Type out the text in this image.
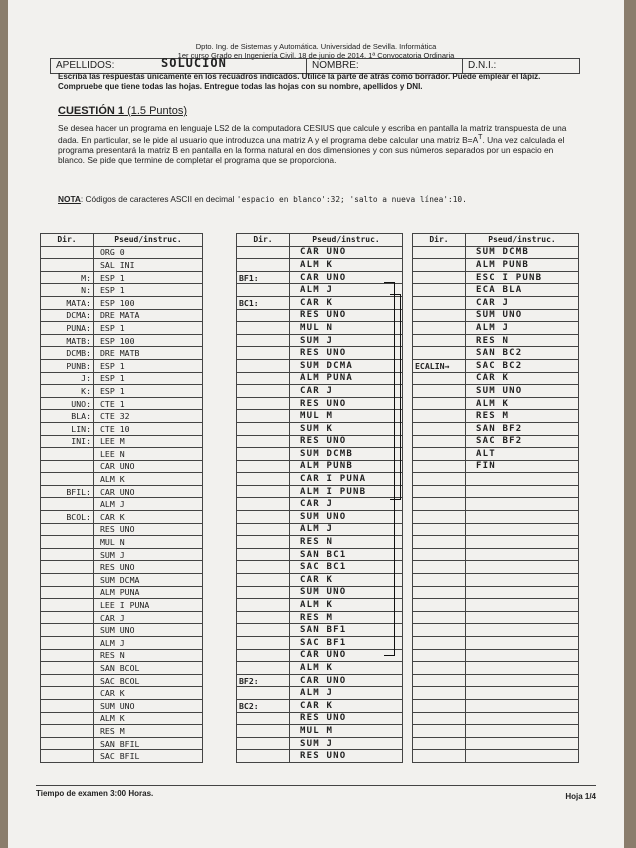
Dpto. Ing. de Sistemas y Automática. Universidad de Sevilla. Informática
1er curso Grado en Ingeniería Civil. 18 de junio de 2014. 1ª Convocatoria Ordinaria
APELLIDOS:	SOLUCION	NOMBRE:	D.N.I.:
Escriba las respuestas únicamente en los recuadros indicados. Utilice la parte de atrás como borrador. Puede emplear el lápiz. Compruebe que tiene todas las hojas. Entregue todas las hojas con su nombre, apellidos y DNI.
CUESTIÓN 1 (1.5 Puntos)
Se desea hacer un programa en lenguaje LS2 de la computadora CESIUS que calcule y escriba en pantalla la matriz transpuesta de una dada. En particular, se le pide al usuario que introduzca una matriz A y el programa debe calcular una matriz $B=A^T$. Una vez calculada el programa presentará la matriz B en pantalla en la forma natural en dos dimensiones y con sus números separados por un espacio en blanco. Se pide que termine de completar el programa que se proporciona.
NOTA: Códigos de caracteres ASCII en decimal 'espacio en blanco':32; 'salto a nueva línea':10.
Dir.	Pseud/instruc.
	ORG 0
	SAL INI
M:	ESP 1
N:	ESP 1
MATA:	ESP 100
DCMA:	DRE MATA
PUNA:	ESP 1
MATB:	ESP 100
DCMB:	DRE MATB
PUNB:	ESP 1
J:	ESP 1
K:	ESP 1
UNO:	CTE 1
BLA:	CTE 32
LIN:	CTE 10
INI:	LEE M
	LEE N
	CAR UNO
	ALM K
BFIL:	CAR UNO
	ALM J
BCOL:	CAR K
	RES UNO
	MUL N
	SUM J
	RES UNO
	SUM DCMA
	ALM PUNA
	LEE I PUNA
	CAR J
	SUM UNO
	ALM J
	RES N
	SAN BCOL
	SAC BCOL
	CAR K
	SUM UNO
	ALM K
	RES M
	SAN BFIL
	SAC BFIL
Dir.	Pseud/instruc.
	CAR UNO
	ALM K
BF1:	CAR UNO
	ALM J
BC1:	CAR K
	RES UNO
	MUL N
	SUM J
	RES UNO
	SUM DCMA
	ALM PUNA
	CAR J
	RES UNO
	MUL M
	SUM K
	RES UNO
	SUM DCMB
	ALM PUNB
	CAR I PUNA
	ALM I PUNB
	CAR J
	SUM UNO
	ALM J
	RES N
	SAN BC1
	SAC BC1
	CAR K
	SUM UNO
	ALM K
	RES M
	SAN BF1
	SAC BF1
	CAR UNO
	ALM K
BF2:	CAR UNO
	ALM J
BC2:	CAR K
	RES UNO
	MUL M
	SUM J
	RES UNO
Dir.	Pseud/instruc.
	SUM DCMB
	ALM PUNB
	ESC I PUNB
	ECA BLA
	CAR J
	SUM UNO
	ALM J
	RES N
	SAN BC2
ECALIN→	SAC BC2
	CAR K
	SUM UNO
	ALM K
	RES M
	SAN BF2
	SAC BF2
	ALT
	FIN

Tiempo de examen 3:00 Horas.	Hoja 1/4
